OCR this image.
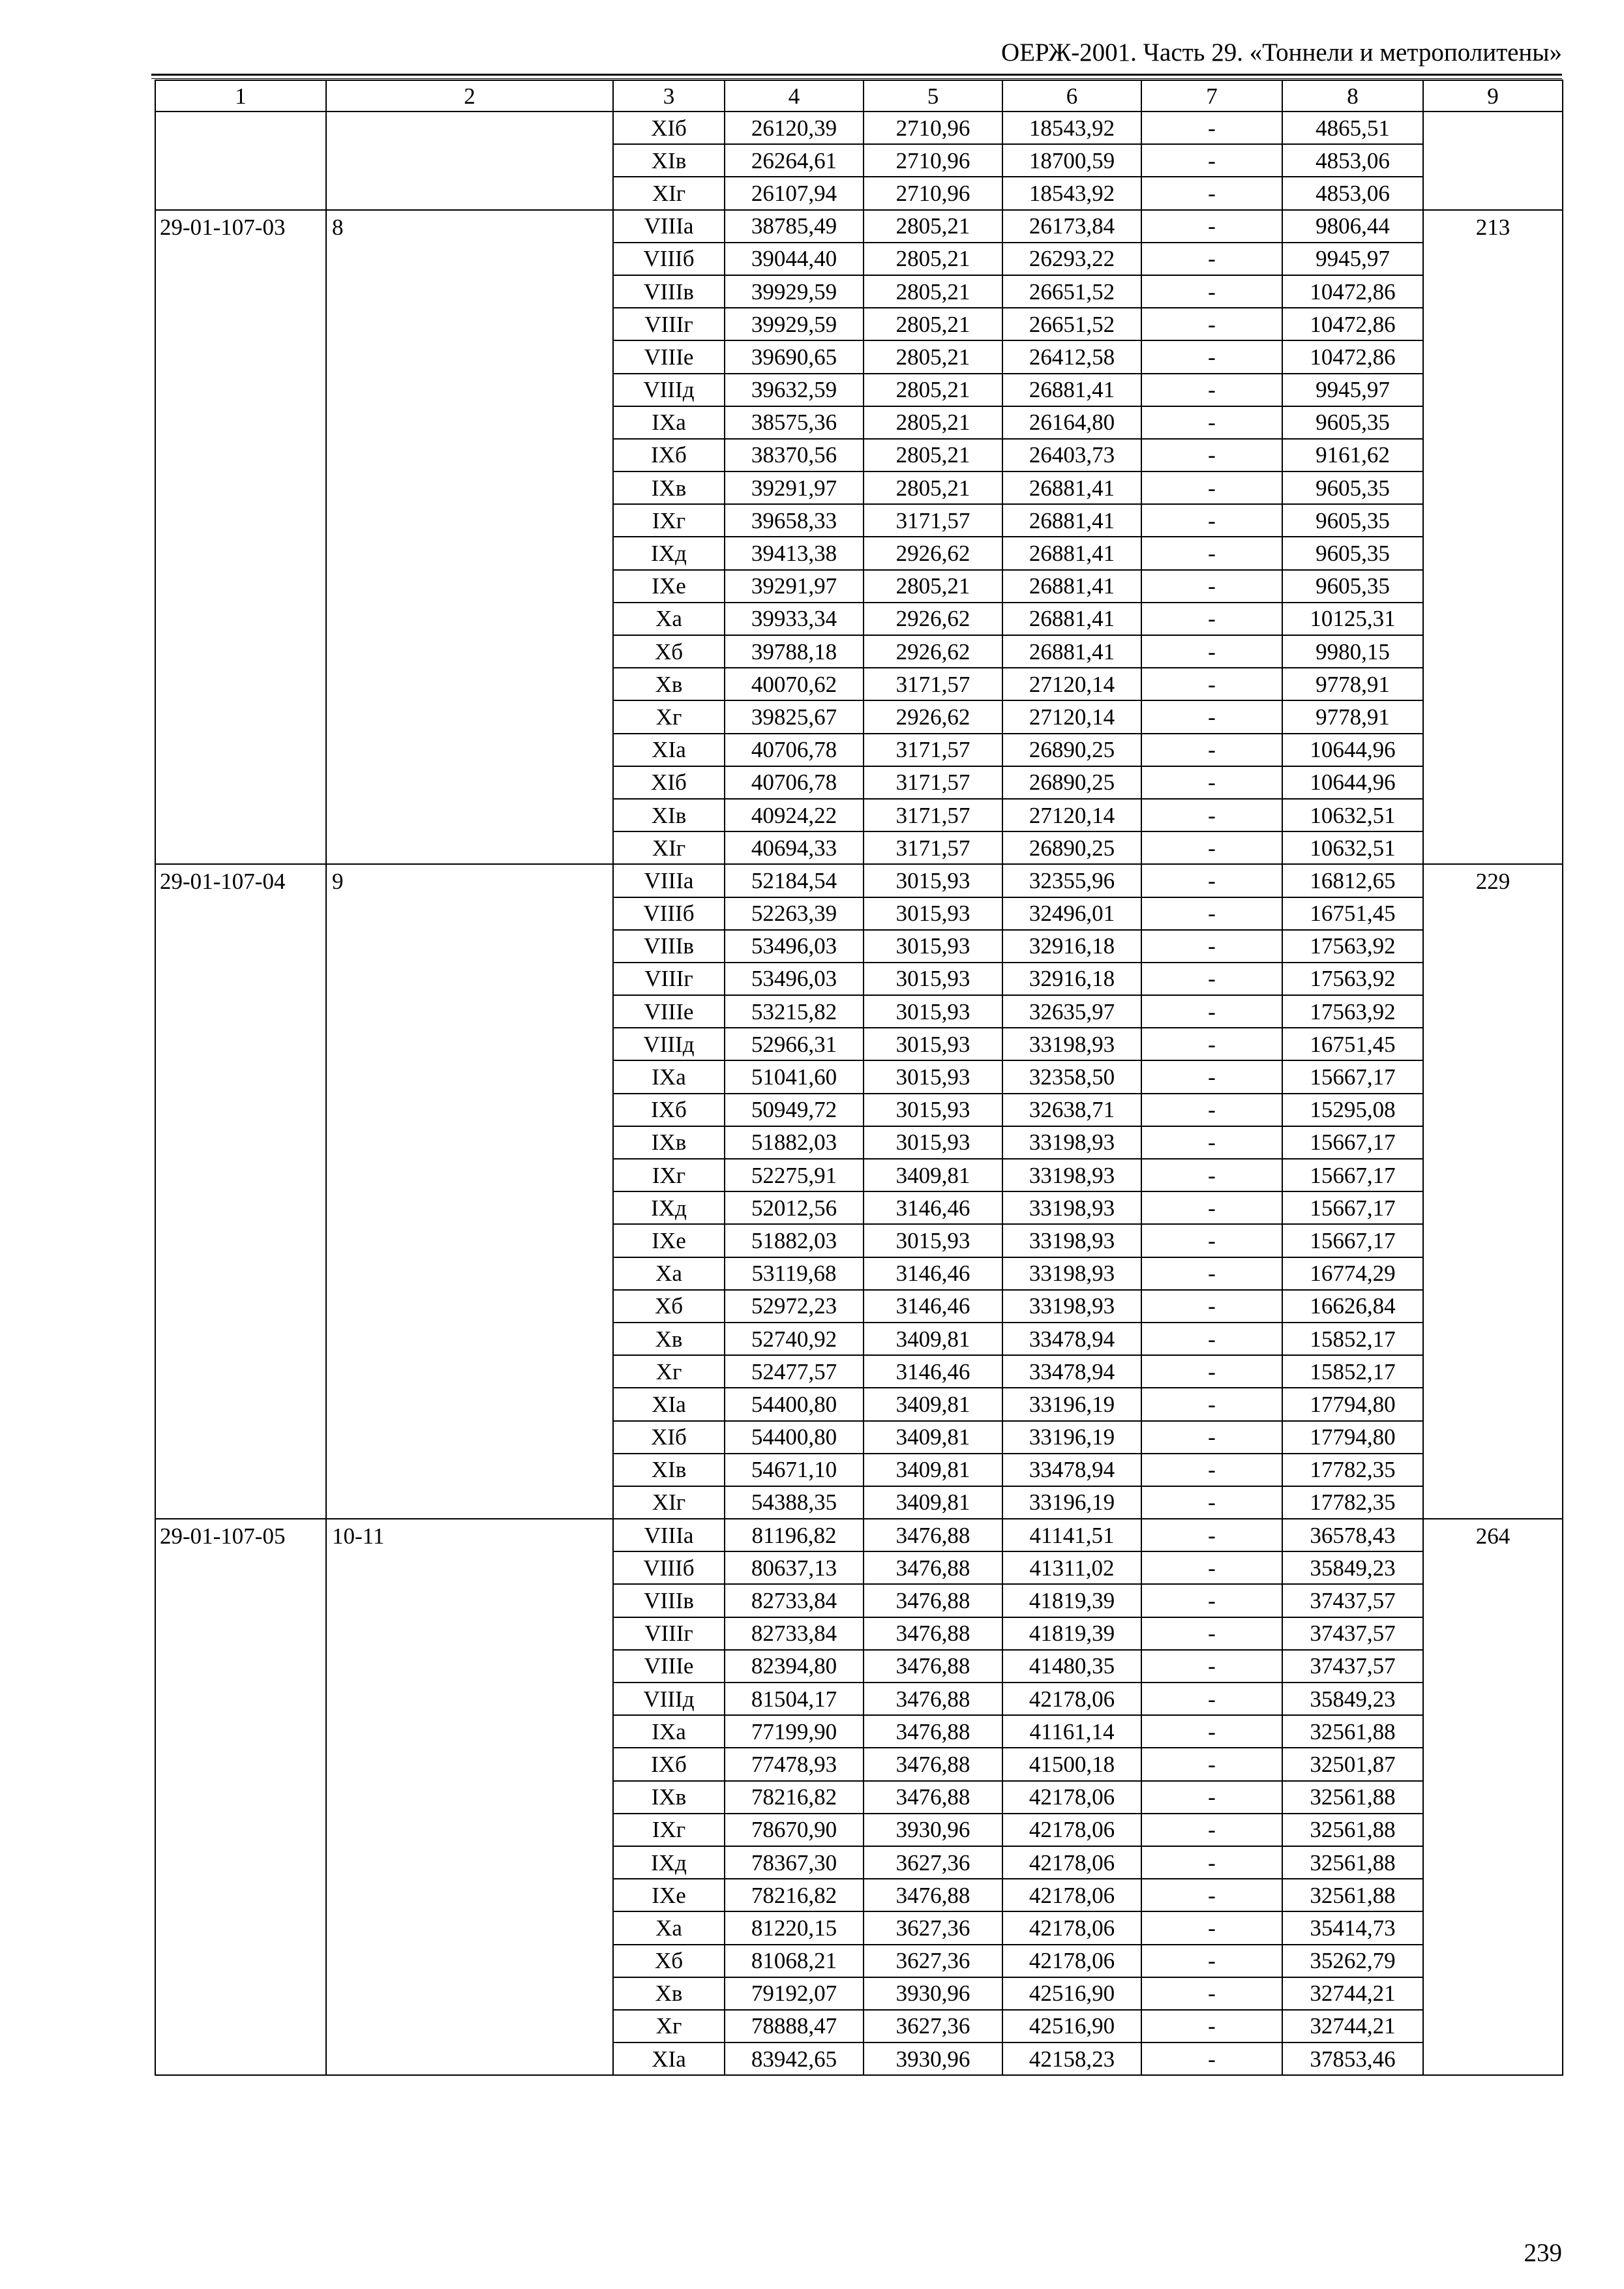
ОЕРЖ-2001. Часть 29. «Тоннели и метрополитены»
1	2	3	4	5	6	7	8	9
		XIб	26120,39	2710,96	18543,92	-	4865,51	
		XIв	26264,61	2710,96	18700,59	-	4853,06	
		XIг	26107,94	2710,96	18543,92	-	4853,06	
29-01-107-03	8	VIIIа	38785,49	2805,21	26173,84	-	9806,44	213
		VIIIб	39044,40	2805,21	26293,22	-	9945,97	
		VIIIв	39929,59	2805,21	26651,52	-	10472,86	
		VIIIг	39929,59	2805,21	26651,52	-	10472,86	
		VIIIе	39690,65	2805,21	26412,58	-	10472,86	
		VIIIд	39632,59	2805,21	26881,41	-	9945,97	
		IXа	38575,36	2805,21	26164,80	-	9605,35	
		IXб	38370,56	2805,21	26403,73	-	9161,62	
		IXв	39291,97	2805,21	26881,41	-	9605,35	
		IXг	39658,33	3171,57	26881,41	-	9605,35	
		IXд	39413,38	2926,62	26881,41	-	9605,35	
		IXе	39291,97	2805,21	26881,41	-	9605,35	
		Xа	39933,34	2926,62	26881,41	-	10125,31	
		Xб	39788,18	2926,62	26881,41	-	9980,15	
		Xв	40070,62	3171,57	27120,14	-	9778,91	
		Xг	39825,67	2926,62	27120,14	-	9778,91	
		XIа	40706,78	3171,57	26890,25	-	10644,96	
		XIб	40706,78	3171,57	26890,25	-	10644,96	
		XIв	40924,22	3171,57	27120,14	-	10632,51	
		XIг	40694,33	3171,57	26890,25	-	10632,51	
29-01-107-04	9	VIIIа	52184,54	3015,93	32355,96	-	16812,65	229
		VIIIб	52263,39	3015,93	32496,01	-	16751,45	
		VIIIв	53496,03	3015,93	32916,18	-	17563,92	
		VIIIг	53496,03	3015,93	32916,18	-	17563,92	
		VIIIе	53215,82	3015,93	32635,97	-	17563,92	
		VIIIд	52966,31	3015,93	33198,93	-	16751,45	
		IXа	51041,60	3015,93	32358,50	-	15667,17	
		IXб	50949,72	3015,93	32638,71	-	15295,08	
		IXв	51882,03	3015,93	33198,93	-	15667,17	
		IXг	52275,91	3409,81	33198,93	-	15667,17	
		IXд	52012,56	3146,46	33198,93	-	15667,17	
		IXе	51882,03	3015,93	33198,93	-	15667,17	
		Xа	53119,68	3146,46	33198,93	-	16774,29	
		Xб	52972,23	3146,46	33198,93	-	16626,84	
		Xв	52740,92	3409,81	33478,94	-	15852,17	
		Xг	52477,57	3146,46	33478,94	-	15852,17	
		XIа	54400,80	3409,81	33196,19	-	17794,80	
		XIб	54400,80	3409,81	33196,19	-	17794,80	
		XIв	54671,10	3409,81	33478,94	-	17782,35	
		XIг	54388,35	3409,81	33196,19	-	17782,35	
29-01-107-05	10-11	VIIIа	81196,82	3476,88	41141,51	-	36578,43	264
		VIIIб	80637,13	3476,88	41311,02	-	35849,23	
		VIIIв	82733,84	3476,88	41819,39	-	37437,57	
		VIIIг	82733,84	3476,88	41819,39	-	37437,57	
		VIIIе	82394,80	3476,88	41480,35	-	37437,57	
		VIIIд	81504,17	3476,88	42178,06	-	35849,23	
		IXа	77199,90	3476,88	41161,14	-	32561,88	
		IXб	77478,93	3476,88	41500,18	-	32501,87	
		IXв	78216,82	3476,88	42178,06	-	32561,88	
		IXг	78670,90	3930,96	42178,06	-	32561,88	
		IXд	78367,30	3627,36	42178,06	-	32561,88	
		IXе	78216,82	3476,88	42178,06	-	32561,88	
		Xа	81220,15	3627,36	42178,06	-	35414,73	
		Xб	81068,21	3627,36	42178,06	-	35262,79	
		Xв	79192,07	3930,96	42516,90	-	32744,21	
		Xг	78888,47	3627,36	42516,90	-	32744,21	
		XIа	83942,65	3930,96	42158,23	-	37853,46	
239
